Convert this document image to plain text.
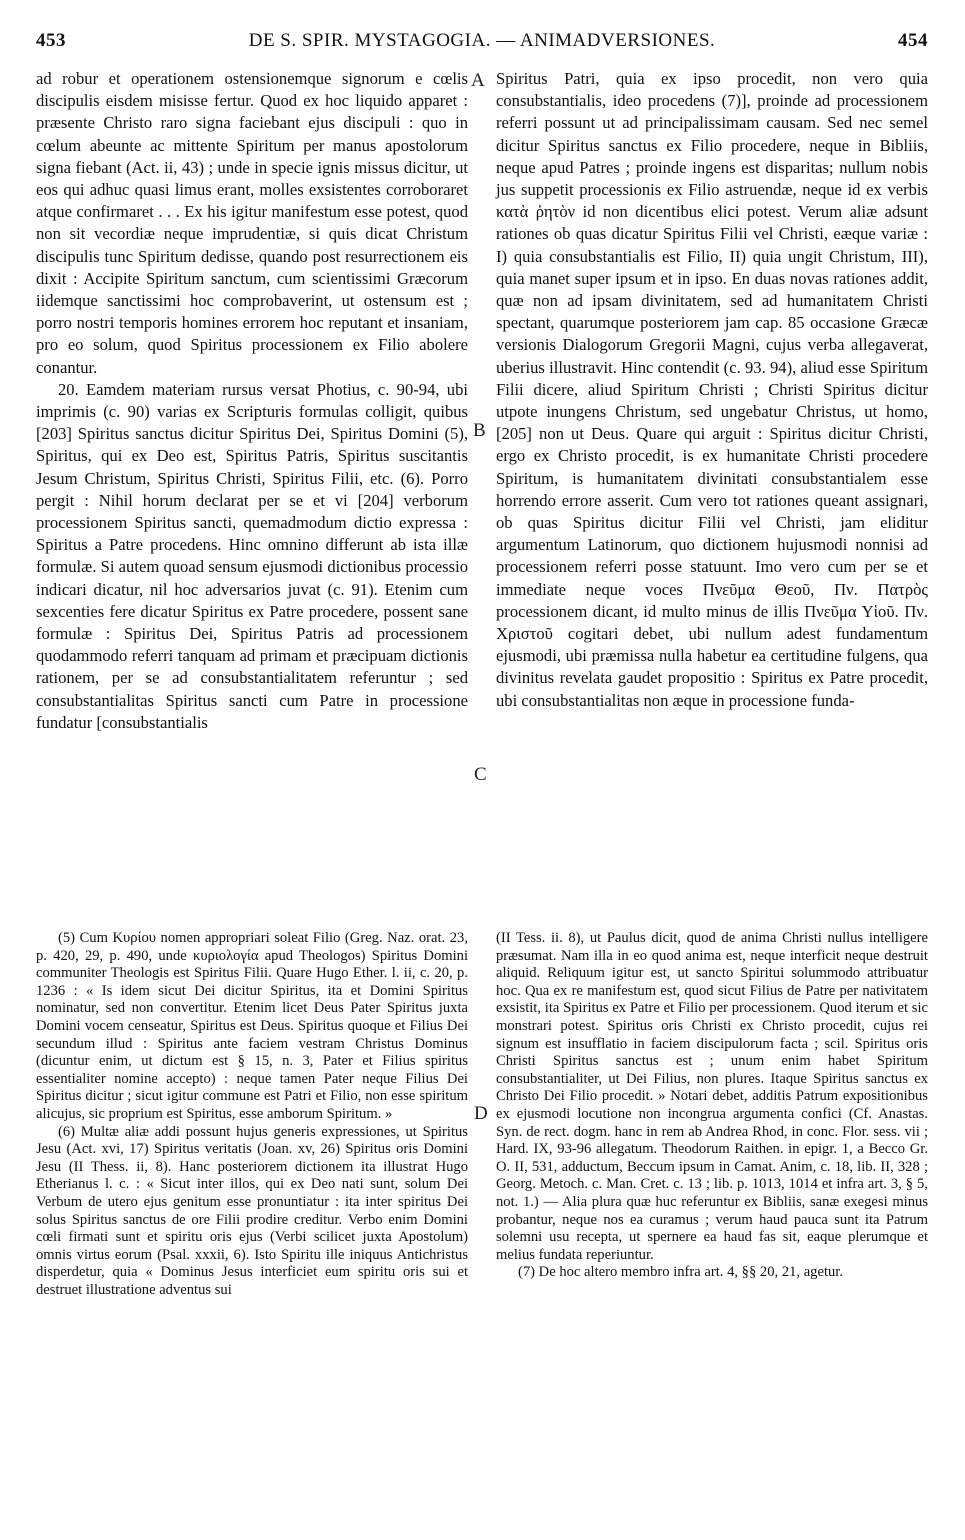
453	DE S. SPIR. MYSTAGOGIA. — ANIMADVERSIONES.	454
A
B
C
D

ad robur et operationem ostensionemque signorum e cœlis discipulis eisdem misisse fertur. Quod ex hoc liquido apparet : præsente Christo raro signa faciebant ejus discipuli : quo in cœlum abeunte ac mittente Spiritum per manus apostolorum signa fiebant (Act. ii, 43) ; unde in specie ignis missus dicitur, ut eos qui adhuc quasi limus erant, molles exsistentes corroboraret atque confirmaret . . . Ex his igitur manifestum esse potest, quod non sit vecordiæ neque imprudentiæ, si quis dicat Christum discipulis tunc Spiritum dedisse, quando post resurrectionem eis dixit : Accipite Spiritum sanctum, cum scientissimi Græcorum iidemque sanctissimi hoc comprobaverint, ut ostensum est ; porro nostri temporis homines errorem hoc reputant et insaniam, pro eo solum, quod Spiritus processionem ex Filio abolere conantur.

20. Eamdem materiam rursus versat Photius, c. 90-94, ubi imprimis (c. 90) varias ex Scripturis formulas colligit, quibus [203] Spiritus sanctus dicitur Spiritus Dei, Spiritus Domini (5), Spiritus, qui ex Deo est, Spiritus Patris, Spiritus suscitantis Jesum Christum, Spiritus Christi, Spiritus Filii, etc. (6). Porro pergit : Nihil horum declarat per se et vi [204] verborum processionem Spiritus sancti, quemadmodum dictio expressa : Spiritus a Patre procedens. Hinc omnino differunt ab ista illæ formulæ. Si autem quoad sensum ejusmodi dictionibus processio indicari dicatur, nil hoc adversarios juvat (c. 91). Etenim cum sexcenties fere dicatur Spiritus ex Patre procedere, possent sane formulæ : Spiritus Dei, Spiritus Patris ad processionem quodammodo referri tanquam ad primam et præcipuam dictionis rationem, per se ad consubstantialitatem referuntur ; sed consubstantialitas Spiritus sancti cum Patre in processione fundatur [consubstantialis

Spiritus Patri, quia ex ipso procedit, non vero quia consubstantialis, ideo procedens (7)], proinde ad processionem referri possunt ut ad principalissimam causam. Sed nec semel dicitur Spiritus sanctus ex Filio procedere, neque in Bibliis, neque apud Patres ; proinde ingens est disparitas; nullum nobis jus suppetit processionis ex Filio astruendæ, neque id ex verbis κατὰ ῥητὸν id non dicentibus elici potest. Verum aliæ adsunt rationes ob quas dicatur Spiritus Filii vel Christi, eæque variæ : I) quia consubstantialis est Filio, II) quia ungit Christum, III), quia manet super ipsum et in ipso. En duas novas rationes addit, quæ non ad ipsam divinitatem, sed ad humanitatem Christi spectant, quarumque posteriorem jam cap. 85 occasione Græcæ versionis Dialogorum Gregorii Magni, cujus verba allegaverat, uberius illustravit. Hinc contendit (c. 93. 94), aliud esse Spiritum Filii dicere, aliud Spiritum Christi ; Christi Spiritus dicitur utpote inungens Christum, sed ungebatur Christus, ut homo, [205] non ut Deus. Quare qui arguit : Spiritus dicitur Christi, ergo ex Christo procedit, is ex humanitate Christi procedere Spiritum, is humanitatem divinitati consubstantialem esse horrendo errore asserit. Cum vero tot rationes queant assignari, ob quas Spiritus dicitur Filii vel Christi, jam eliditur argumentum Latinorum, quo dictionem hujusmodi nonnisi ad processionem referri posse statuunt. Imo vero cum per se et immediate neque voces Πνεῦμα Θεοῦ, Πν. Πατρὸς processionem dicant, id multo minus de illis Πνεῦμα Υἱοῦ. Πν. Χριστοῦ cogitari debet, ubi nullum adest fundamentum ejusmodi, ubi præmissa nulla habetur ea certitudine fulgens, qua divinitus revelata gaudet propositio : Spiritus ex Patre procedit, ubi consubstantialitas non æque in processione funda-

(5) Cum Κυρίου nomen appropriari soleat Filio (Greg. Naz. orat. 23, p. 420, 29, p. 490, unde κυριολογία apud Theologos) Spiritus Domini communiter Theologis est Spiritus Filii. Quare Hugo Ether. l. ii, c. 20, p. 1236 : « Is idem sicut Dei dicitur Spiritus, ita et Domini Spiritus nominatur, sed non convertitur. Etenim licet Deus Pater Spiritus juxta Domini vocem censeatur, Spiritus est Deus. Spiritus quoque et Filius Dei secundum illud : Spiritus ante faciem vestram Christus Dominus (dicuntur enim, ut dictum est § 15, n. 3, Pater et Filius spiritus essentialiter nomine accepto) : neque tamen Pater neque Filius Dei Spiritus dicitur ; sicut igitur commune est Patri et Filio, non esse spiritum alicujus, sic proprium est Spiritus, esse amborum Spiritum. »

(6) Multæ aliæ addi possunt hujus generis expressiones, ut Spiritus Jesu (Act. xvi, 17) Spiritus veritatis (Joan. xv, 26) Spiritus oris Domini Jesu (II Thess. ii, 8). Hanc posteriorem dictionem ita illustrat Hugo Etherianus l. c. : « Sicut inter illos, qui ex Deo nati sunt, solum Dei Verbum de utero ejus genitum esse pronuntiatur : ita inter spiritus Dei solus Spiritus sanctus de ore Filii prodire creditur. Verbo enim Domini cœli firmati sunt et spiritu oris ejus (Verbi scilicet juxta Apostolum) omnis virtus eorum (Psal. xxxii, 6). Isto Spiritu ille iniquus Antichristus disperdetur, quia « Dominus Jesus interficiet eum spiritu oris sui et destruet illustratione adventus sui

(II Tess. ii. 8), ut Paulus dicit, quod de anima Christi nullus intelligere præsumat. Nam illa in eo quod anima est, neque interficit neque destruit aliquid. Reliquum igitur est, ut sancto Spiritui solummodo attribuatur hoc. Qua ex re manifestum est, quod sicut Filius de Patre per nativitatem exsistit, ita Spiritus ex Patre et Filio per processionem. Quod iterum et sic monstrari potest. Spiritus oris Christi ex Christo procedit, cujus rei signum est insufflatio in faciem discipulorum facta ; scil. Spiritus oris Christi Spiritus sanctus est ; unum enim habet Spiritum consubstantialiter, ut Dei Filius, non plures. Itaque Spiritus sanctus ex Christo Dei Filio procedit. » Notari debet, additis Patrum expositionibus ex ejusmodi locutione non incongrua argumenta confici (Cf. Anastas. Syn. de rect. dogm. hanc in rem ab Andrea Rhod, in conc. Flor. sess. vii ; Hard. IX, 93-96 allegatum. Theodorum Raithen. in epigr. 1, a Becco Gr. O. II, 531, adductum, Beccum ipsum in Camat. Anim, c. 18, lib. II, 328 ; Georg. Metoch. c. Man. Cret. c. 13 ; lib. p. 1013, 1014 et infra art. 3, § 5, not. 1.) — Alia plura quæ huc referuntur ex Bibliis, sanæ exegesi minus probantur, neque nos ea curamus ; verum haud pauca sunt ita Patrum solemni usu recepta, ut spernere ea haud fas sit, eaque plerumque et melius fundata reperiuntur.

(7) De hoc altero membro infra art. 4, §§ 20, 21, agetur.
